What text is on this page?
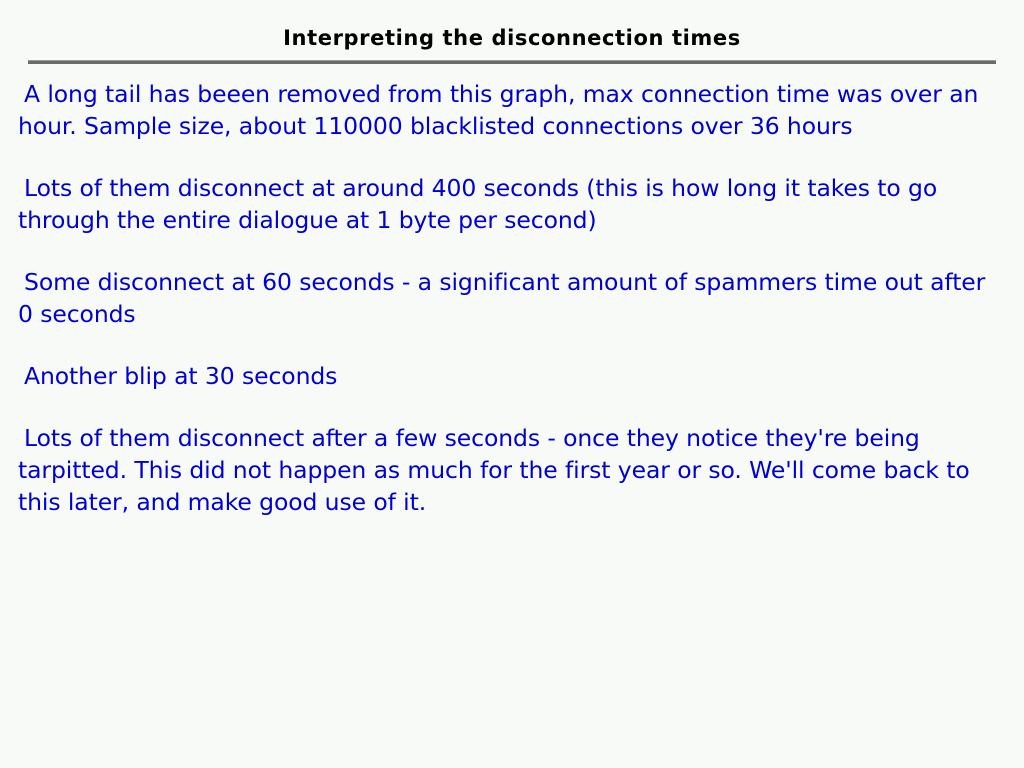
Interpreting the disconnection times

A long tail has beeen removed from this graph, max connection time was over an hour. Sample size, about 110000 blacklisted connections over 36 hours

Lots of them disconnect at around 400 seconds (this is how long it takes to go through the entire dialogue at 1 byte per second)

Some disconnect at 60 seconds - a significant amount of spammers time out after 0 seconds

Another blip at 30 seconds

Lots of them disconnect after a few seconds - once they notice they're being tarpitted. This did not happen as much for the first year or so. We'll come back to this later, and make good use of it.
